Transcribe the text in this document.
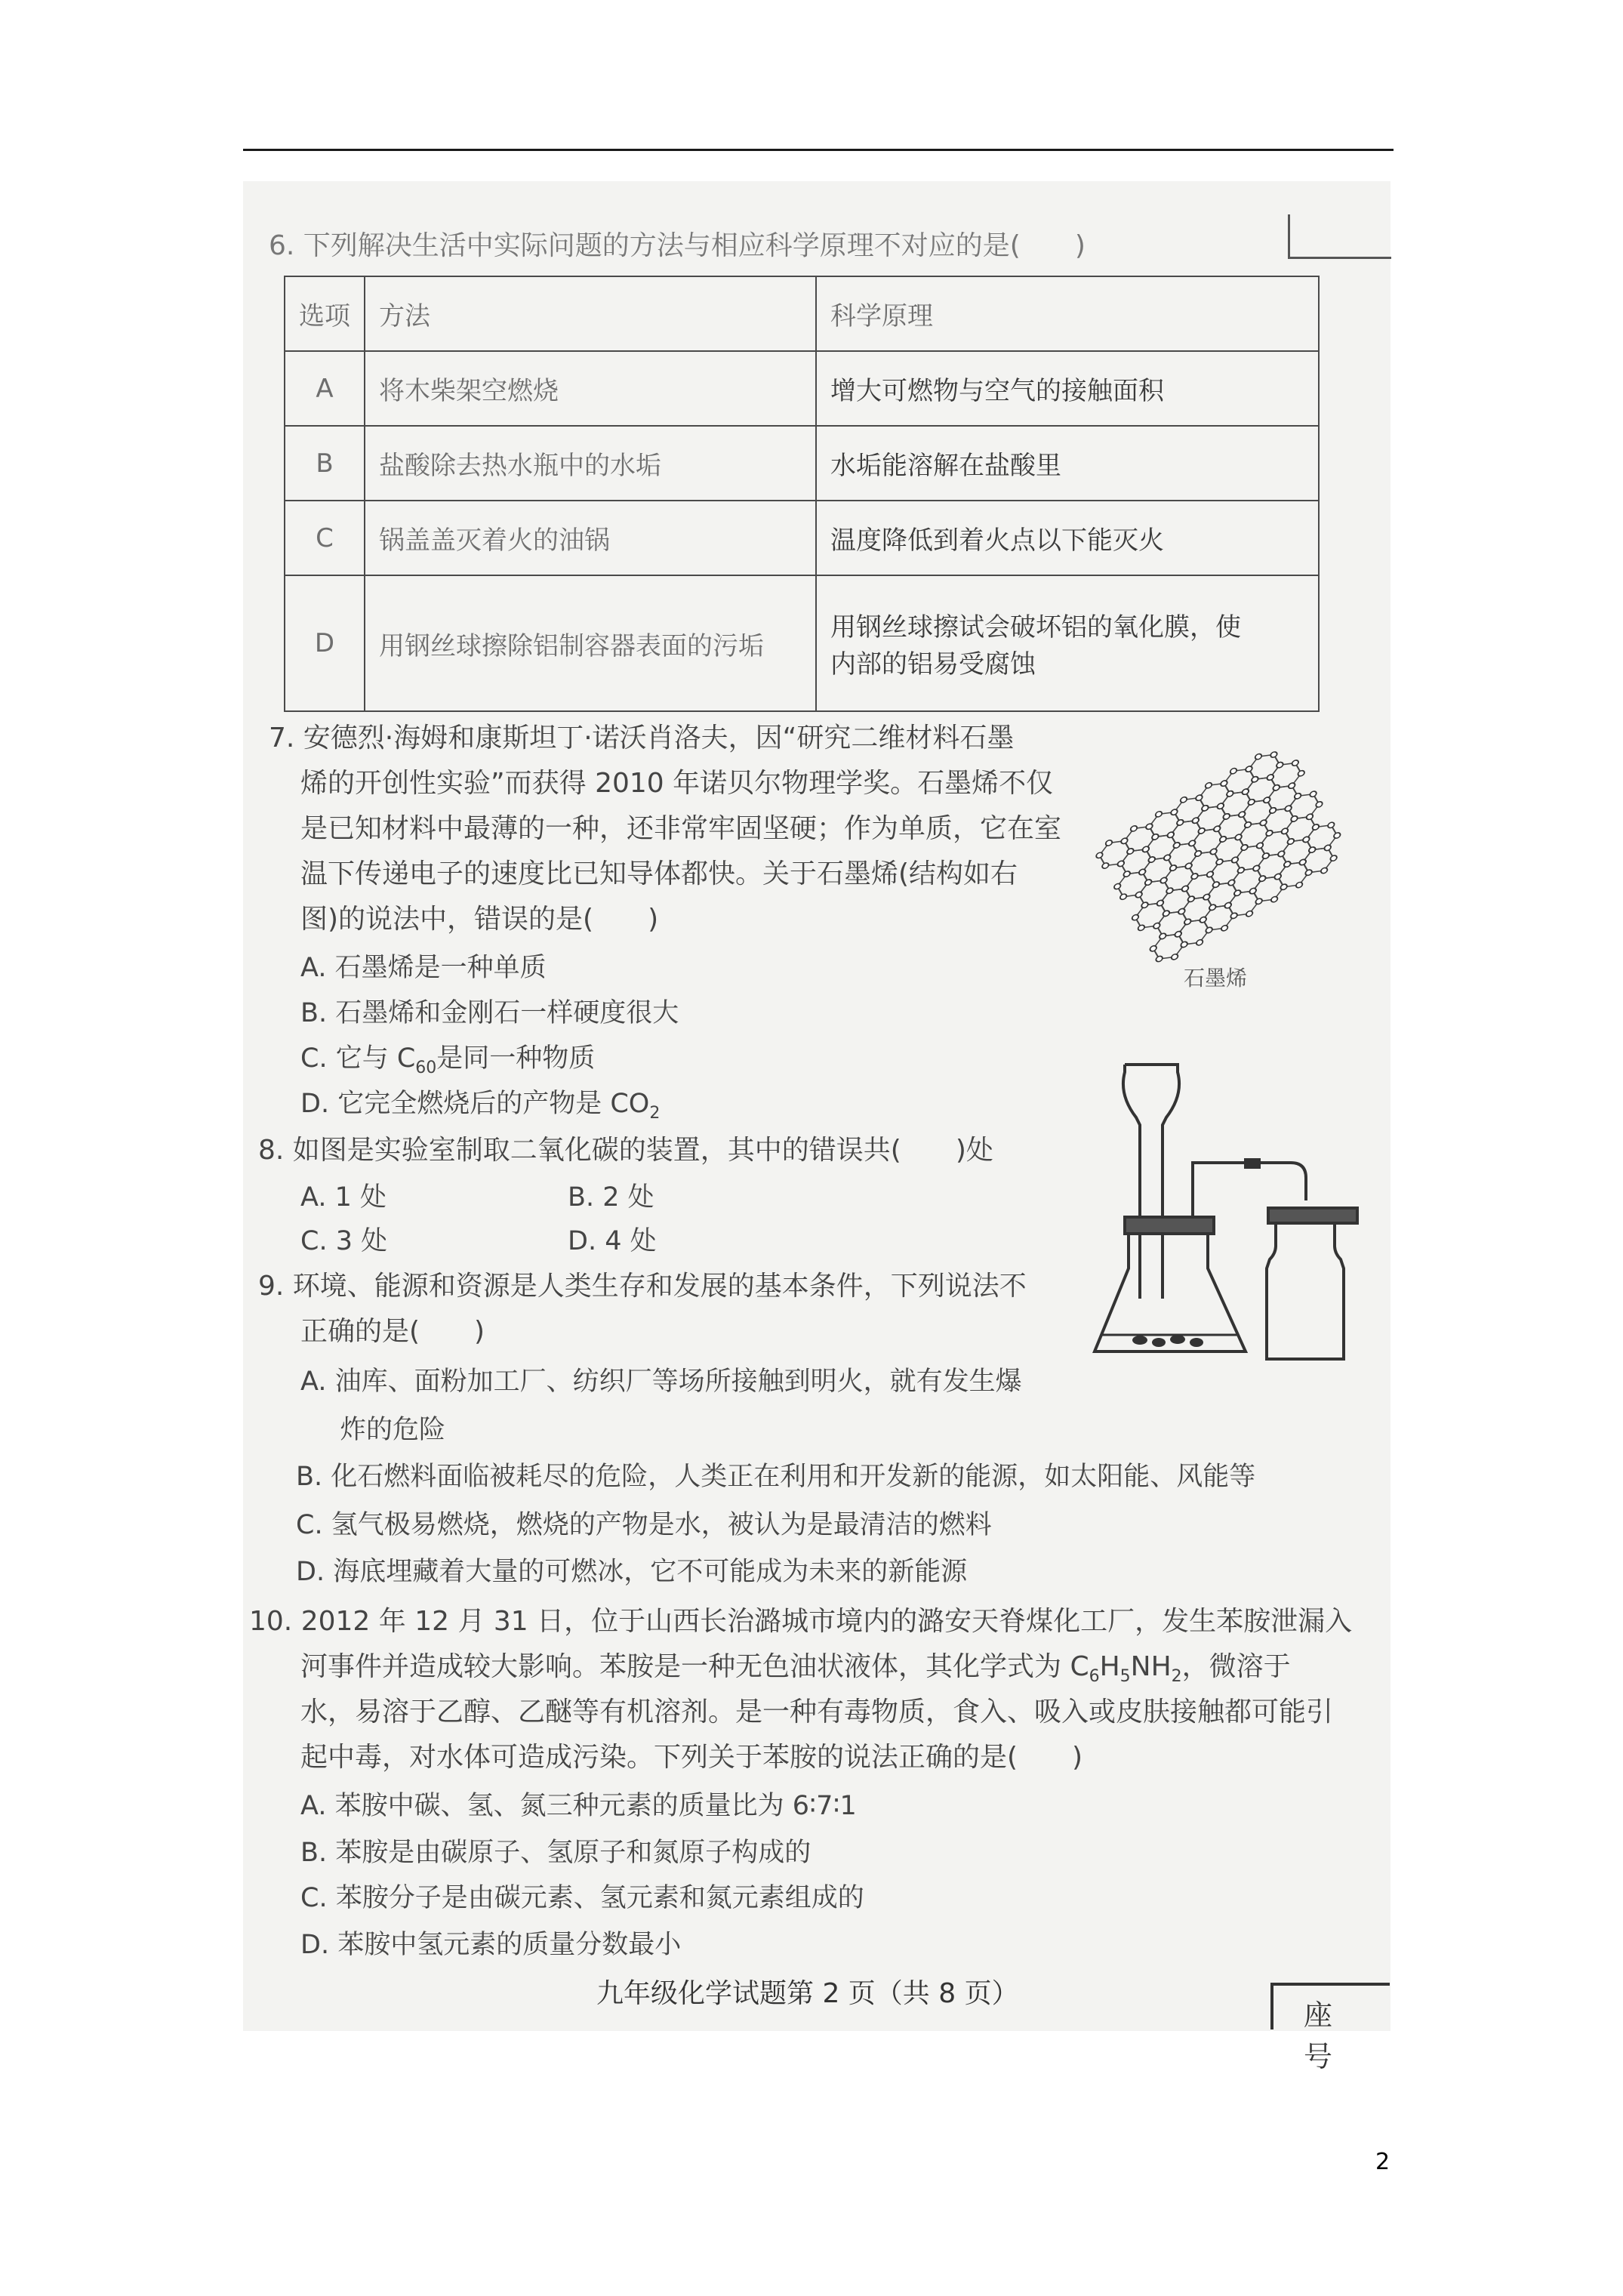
6. 下列解决生活中实际问题的方法与相应科学原理不对应的是(　　)
选项	方法	科学原理
A	将木柴架空燃烧	增大可燃物与空气的接触面积
B	盐酸除去热水瓶中的水垢	水垢能溶解在盐酸里
C	锅盖盖灭着火的油锅	温度降低到着火点以下能灭火
D	用钢丝球擦除铝制容器表面的污垢	用钢丝球擦试会破坏铝的氧化膜，使
内部的铝易受腐蚀
7. 安德烈·海姆和康斯坦丁·诺沃肖洛夫，因“研究二维材料石墨
烯的开创性实验”而获得 2010 年诺贝尔物理学奖。石墨烯不仅
是已知材料中最薄的一种，还非常牢固坚硬；作为单质，它在室
温下传递电子的速度比已知导体都快。关于石墨烯(结构如右
图)的说法中，错误的是(　　)
A. 石墨烯是一种单质
B. 石墨烯和金刚石一样硬度很大
C. 它与 $C_{60}$是同一种物质
D. 它完全燃烧后的产物是 $CO_2$
石墨烯
8. 如图是实验室制取二氧化碳的装置，其中的错误共(　　)处
A. 1 处	B. 2 处
C. 3 处	D. 4 处
9. 环境、能源和资源是人类生存和发展的基本条件，下列说法不
正确的是(　　)
A. 油库、面粉加工厂、纺织厂等场所接触到明火，就有发生爆
炸的危险
B. 化石燃料面临被耗尽的危险，人类正在利用和开发新的能源，如太阳能、风能等
C. 氢气极易燃烧，燃烧的产物是水，被认为是最清洁的燃料
D. 海底埋藏着大量的可燃冰，它不可能成为未来的新能源
10. 2012 年 12 月 31 日，位于山西长治潞城市境内的潞安天脊煤化工厂，发生苯胺泄漏入
河事件并造成较大影响。苯胺是一种无色油状液体，其化学式为 $C_6H_5NH_2$，微溶于
水，易溶于乙醇、乙醚等有机溶剂。是一种有毒物质，食入、吸入或皮肤接触都可能引
起中毒，对水体可造成污染。下列关于苯胺的说法正确的是(　　)
A. 苯胺中碳、氢、氮三种元素的质量比为 6∶7∶1
B. 苯胺是由碳原子、氢原子和氮原子构成的
C. 苯胺分子是由碳元素、氢元素和氮元素组成的
D. 苯胺中氢元素的质量分数最小
九年级化学试题第 2 页（共 8 页）
座号
2
